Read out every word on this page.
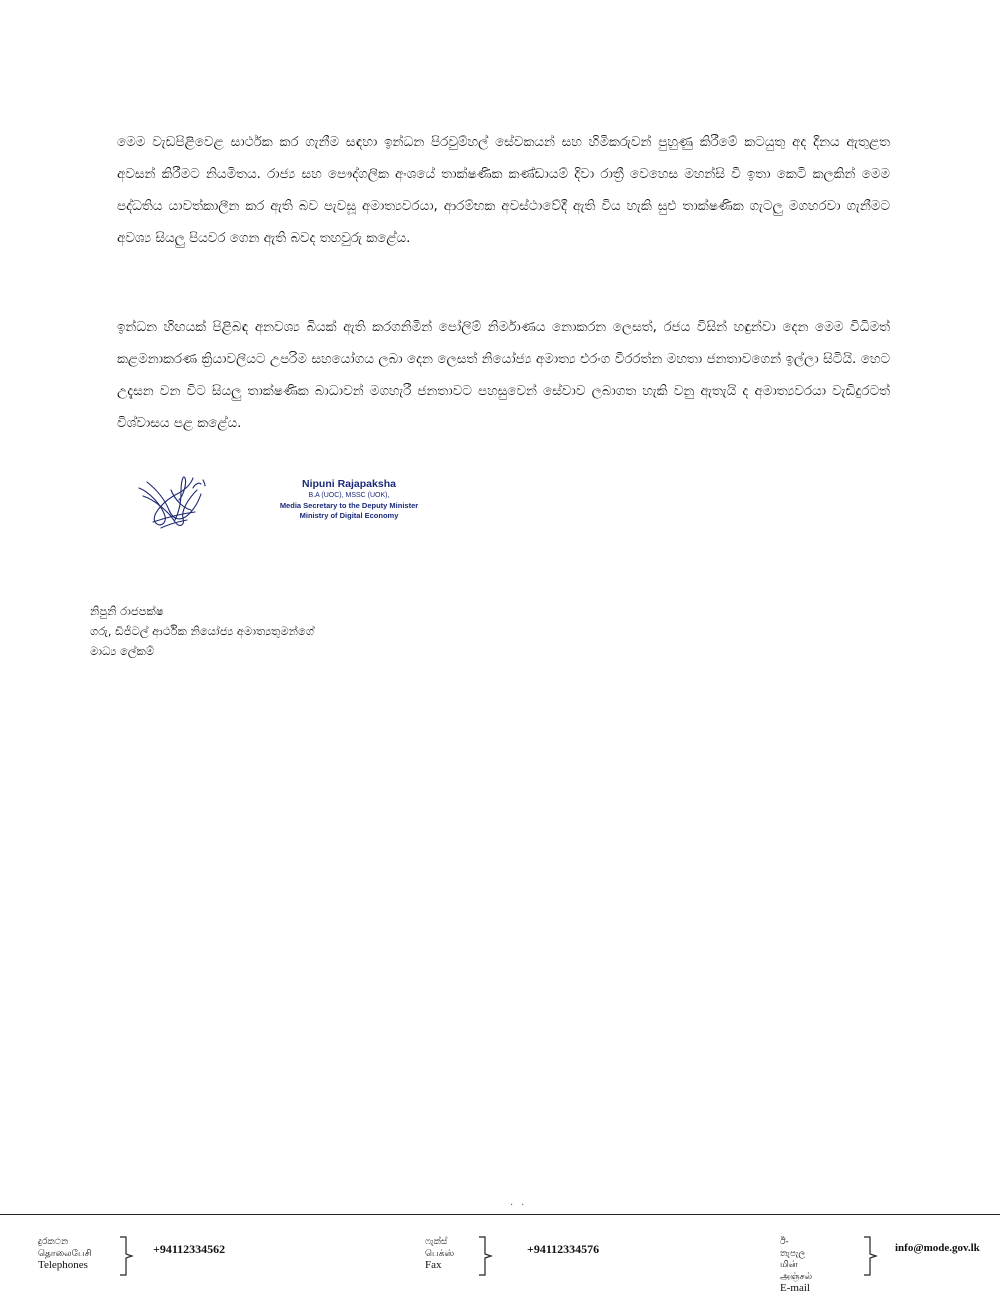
මෙම වැඩපිළිවෙළ සාර්ථක කර ගැනීම සඳහා ඉන්ධන පිරවුම්හල් සේවකයන් සහ හිමිකරුවන් පුහුණු කිරීමේ කටයුතු අද දිනය ඇතුළත අවසන් කිරීමට නියමිතය. රාජ්‍ය සහ පෞද්ගලික අංශයේ තාක්ෂණික කණ්ඩායම් දිවා රාත්‍රී වෙහෙස මහන්සි වී ඉතා කෙටි කලකින් මෙම පද්ධතිය යාවත්කාලීන කර ඇති බව පැවසූ අමාත්‍යවරයා, ආරම්භක අවස්ථාවේදී ඇති විය හැකි සුළු තාක්ෂණික ගැටලු මගහරවා ගැනීමට අවශ්‍ය සියලු පියවර ගෙන ඇති බවද තහවුරු කළේය.

ඉන්ධන හිඟයක් පිළිබඳ අනවශ්‍ය බියක් ඇති කරගනිමින් පෝලිම් නිර්මාණය නොකරන ලෙසත්, රජය විසින් හඳුන්වා දෙන මෙම විධිමත් කළමනාකරණ ක්‍රියාවලියට උපරිම සහයෝගය ලබා දෙන ලෙසත් නියෝජ්‍ය අමාත්‍ය එරංග වීරරත්න මහතා ජනතාවගෙන් ඉල්ලා සිටියි. හෙට උදැසන වන විට සියලු තාක්ෂණික බාධාවන් මගහැරී ජනතාවට පහසුවෙන් සේවාව ලබාගත හැකි වනු ඇතැයි ද අමාත්‍යවරයා වැඩිදුරටත් විශ්වාසය පළ කළේය.

Nipuni Rajapaksha
B.A (UOC), MSSC (UOK),
Media Secretary to the Deputy Minister
Ministry of Digital Economy
නිපුනි රාජපක්ෂ
ගරු, ඩිජිටල් ආර්ථික නියෝජ්‍ය අමාත්‍යතුමන්ගේ
මාධ්‍ය ලේකම්
··
දුරකථන
தொலைபேசி
Telephones
+94112334562
ෆැක්ස්
பெக்ஸ்
Fax
+94112334576
ඊ-තැපැල
மின் அஞ்சல்
E-mail
info@mode.gov.lk
